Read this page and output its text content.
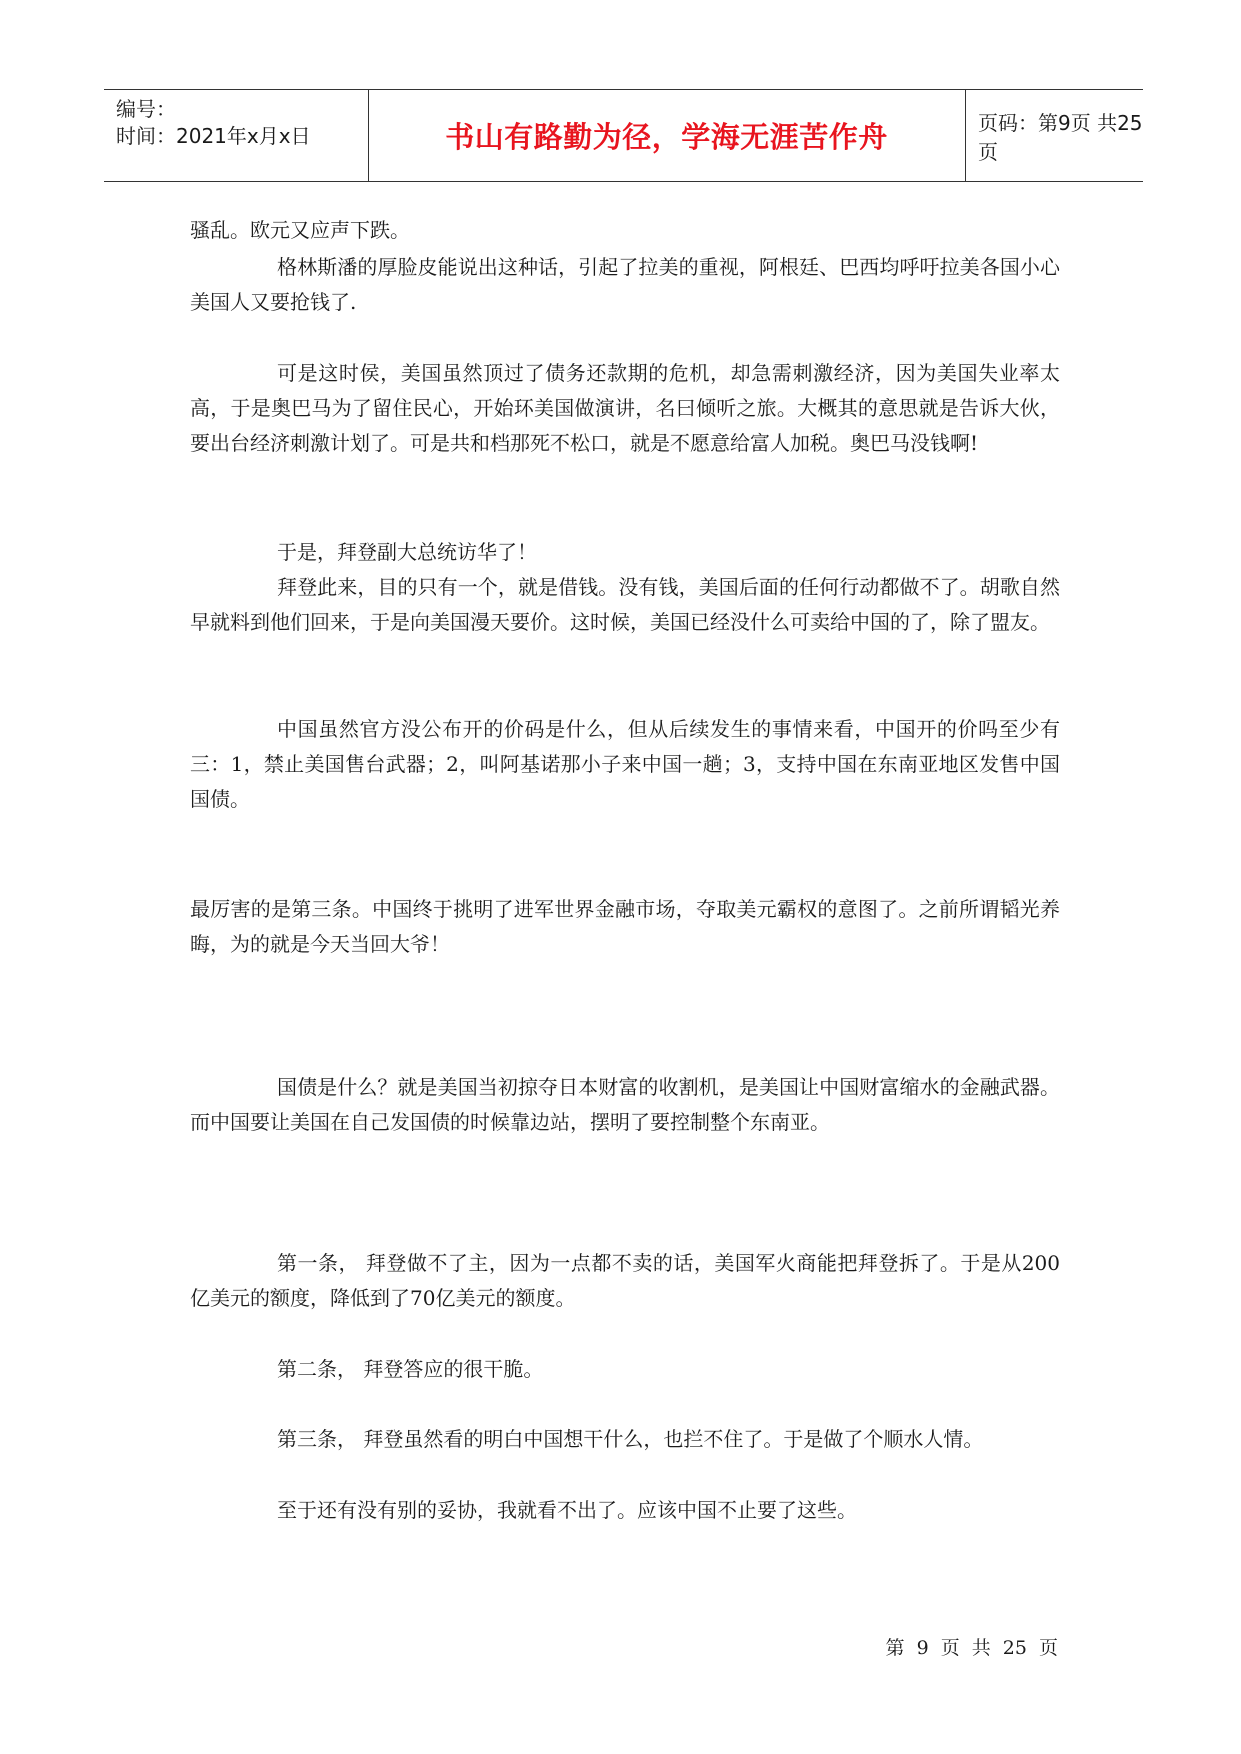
编号：
时间：2021年x月x日	书山有路勤为径，学海无涯苦作舟	页码：第9页 共25页

骚乱。欧元又应声下跌。

格林斯潘的厚脸皮能说出这种话，引起了拉美的重视，阿根廷、巴西均呼吁拉美各国小心美国人又要抢钱了.

可是这时侯，美国虽然顶过了债务还款期的危机，却急需刺激经济，因为美国失业率太高，于是奥巴马为了留住民心，开始环美国做演讲，名曰倾听之旅。大概其的意思就是告诉大伙，要出台经济刺激计划了。可是共和档那死不松口，就是不愿意给富人加税。奥巴马没钱啊!

于是，拜登副大总统访华了！

拜登此来，目的只有一个，就是借钱。没有钱，美国后面的任何行动都做不了。胡歌自然早就料到他们回来，于是向美国漫天要价。这时候，美国已经没什么可卖给中国的了，除了盟友。

中国虽然官方没公布开的价码是什么，但从后续发生的事情来看，中国开的价吗至少有三：1，禁止美国售台武器；2，叫阿基诺那小子来中国一趟；3，支持中国在东南亚地区发售中国国债。

最厉害的是第三条。中国终于挑明了进军世界金融市场，夺取美元霸权的意图了。之前所谓韬光养晦，为的就是今天当回大爷！

国债是什么？就是美国当初掠夺日本财富的收割机，是美国让中国财富缩水的金融武器。而中国要让美国在自己发国债的时候靠边站，摆明了要控制整个东南亚。

第一条， 拜登做不了主，因为一点都不卖的话，美国军火商能把拜登拆了。于是从200亿美元的额度，降低到了70亿美元的额度。

第二条， 拜登答应的很干脆。

第三条， 拜登虽然看的明白中国想干什么，也拦不住了。于是做了个顺水人情。

至于还有没有别的妥协，我就看不出了。应该中国不止要了这些。

第 9 页 共 25 页
